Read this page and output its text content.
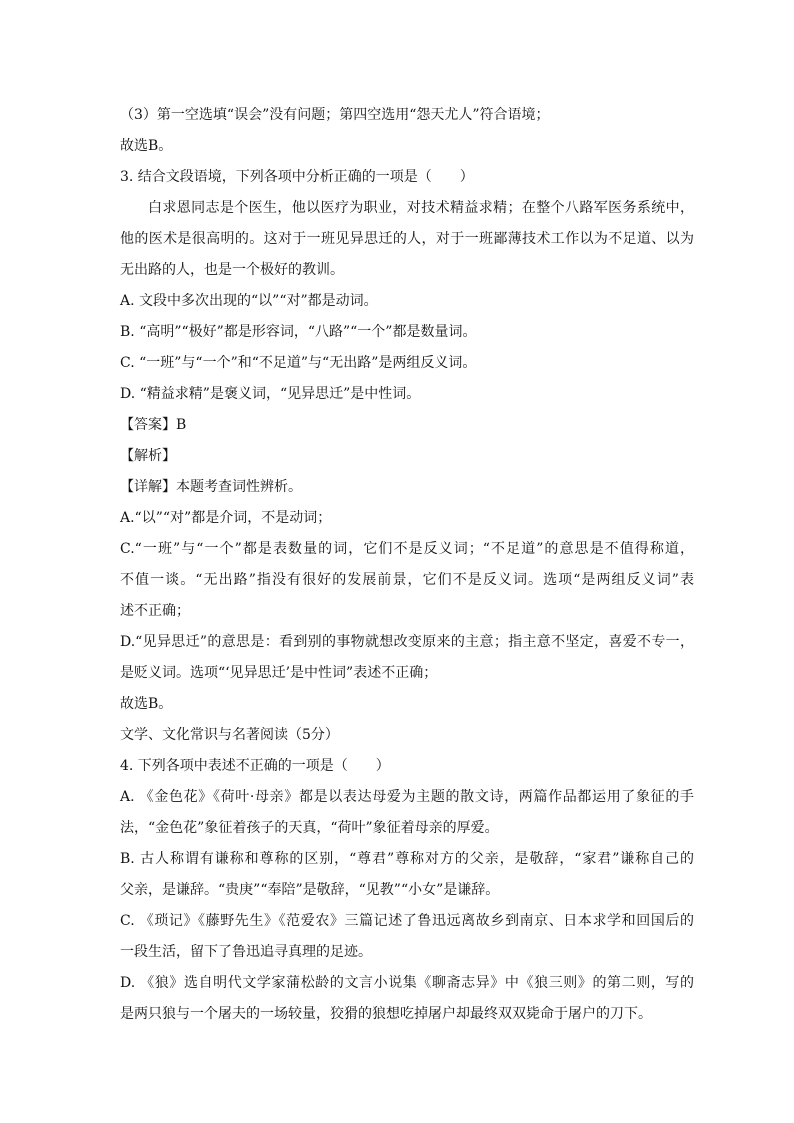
（3）第一空选填“误会”没有问题；第四空选用“怨天尤人”符合语境；
故选B。
3. 结合文段语境，下列各项中分析正确的一项是（　　）
白求恩同志是个医生，他以医疗为职业，对技术精益求精；在整个八路军医务系统中，
他的医术是很高明的。这对于一班见异思迁的人，对于一班鄙薄技术工作以为不足道、以为
无出路的人，也是一个极好的教训。
A. 文段中多次出现的“以”“对”都是动词。
B. “高明”“极好”都是形容词，“八路”“一个”都是数量词。
C. “一班”与“一个”和“不足道”与“无出路”是两组反义词。
D. “精益求精”是褒义词，“见异思迁”是中性词。
【答案】B
【解析】
【详解】本题考查词性辨析。
A.“以”“对”都是介词，不是动词；
C.“一班”与“一个”都是表数量的词，它们不是反义词；“不足道”的意思是不值得称道，
不值一谈。“无出路”指没有很好的发展前景，它们不是反义词。选项“是两组反义词”表
述不正确；
D.“见异思迁”的意思是：看到别的事物就想改变原来的主意；指主意不坚定，喜爱不专一，
是贬义词。选项“‘见异思迁’是中性词”表述不正确；
故选B。
文学、文化常识与名著阅读（5分）
4. 下列各项中表述不正确的一项是（　　）
A. 《金色花》《荷叶·母亲》都是以表达母爱为主题的散文诗，两篇作品都运用了象征的手
法，“金色花”象征着孩子的天真，“荷叶”象征着母亲的厚爱。
B. 古人称谓有谦称和尊称的区别，“尊君”尊称对方的父亲，是敬辞，“家君”谦称自己的
父亲，是谦辞。“贵庚”“奉陪”是敬辞，“见教”“小女”是谦辞。
C. 《琐记》《藤野先生》《范爱农》三篇记述了鲁迅远离故乡到南京、日本求学和回国后的
一段生活，留下了鲁迅追寻真理的足迹。
D. 《狼》选自明代文学家蒲松龄的文言小说集《聊斋志异》中《狼三则》的第二则，写的
是两只狼与一个屠夫的一场较量，狡猾的狼想吃掉屠户却最终双双毙命于屠户的刀下。
